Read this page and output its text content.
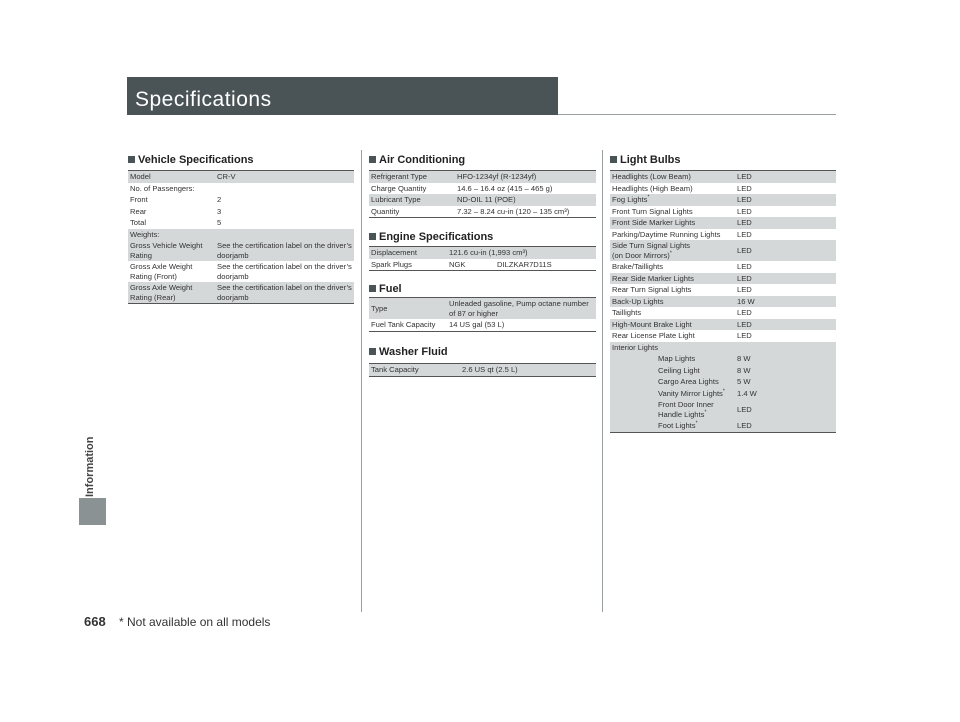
Specifications
Information
668 * Not available on all models
Vehicle Specifications
Model	CR-V
No. of Passengers:	
Front	2
Rear	3
Total	5
Weights:	
Gross Vehicle Weight Rating	See the certification label on the driver’s doorjamb
Gross Axle Weight Rating (Front)	See the certification label on the driver’s doorjamb
Gross Axle Weight Rating (Rear)	See the certification label on the driver’s doorjamb
Air Conditioning
Refrigerant Type	HFO-1234yf (R-1234yf)
Charge Quantity	14.6 – 16.4 oz (415 – 465 g)
Lubricant Type	ND-OIL 11 (POE)
Quantity	7.32 – 8.24 cu-in (120 – 135 cm³)
Engine Specifications
Displacement	121.6 cu-in (1,993 cm³)	
Spark Plugs	NGK	DILZKAR7D11S
Fuel
Type	Unleaded gasoline, Pump octane number of 87 or higher
Fuel Tank Capacity	14 US gal (53 L)
Washer Fluid
Tank Capacity	2.6 US qt (2.5 L)
Light Bulbs
Headlights (Low Beam)	LED
Headlights (High Beam)	LED
Fog Lights*	LED
Front Turn Signal Lights	LED
Front Side Marker Lights	LED
Parking/Daytime Running Lights	LED
Side Turn Signal Lights
(on Door Mirrors)*	LED
Brake/Taillights	LED
Rear Side Marker Lights	LED
Rear Turn Signal Lights	LED
Back-Up Lights	16 W
Taillights	LED
High-Mount Brake Light	LED
Rear License Plate Light	LED
Interior Lights	
Map Lights	8 W
Ceiling Light	8 W
Cargo Area Lights	5 W
Vanity Mirror Lights*	1.4 W
Front Door Inner
Handle Lights*	LED
Foot Lights*	LED
